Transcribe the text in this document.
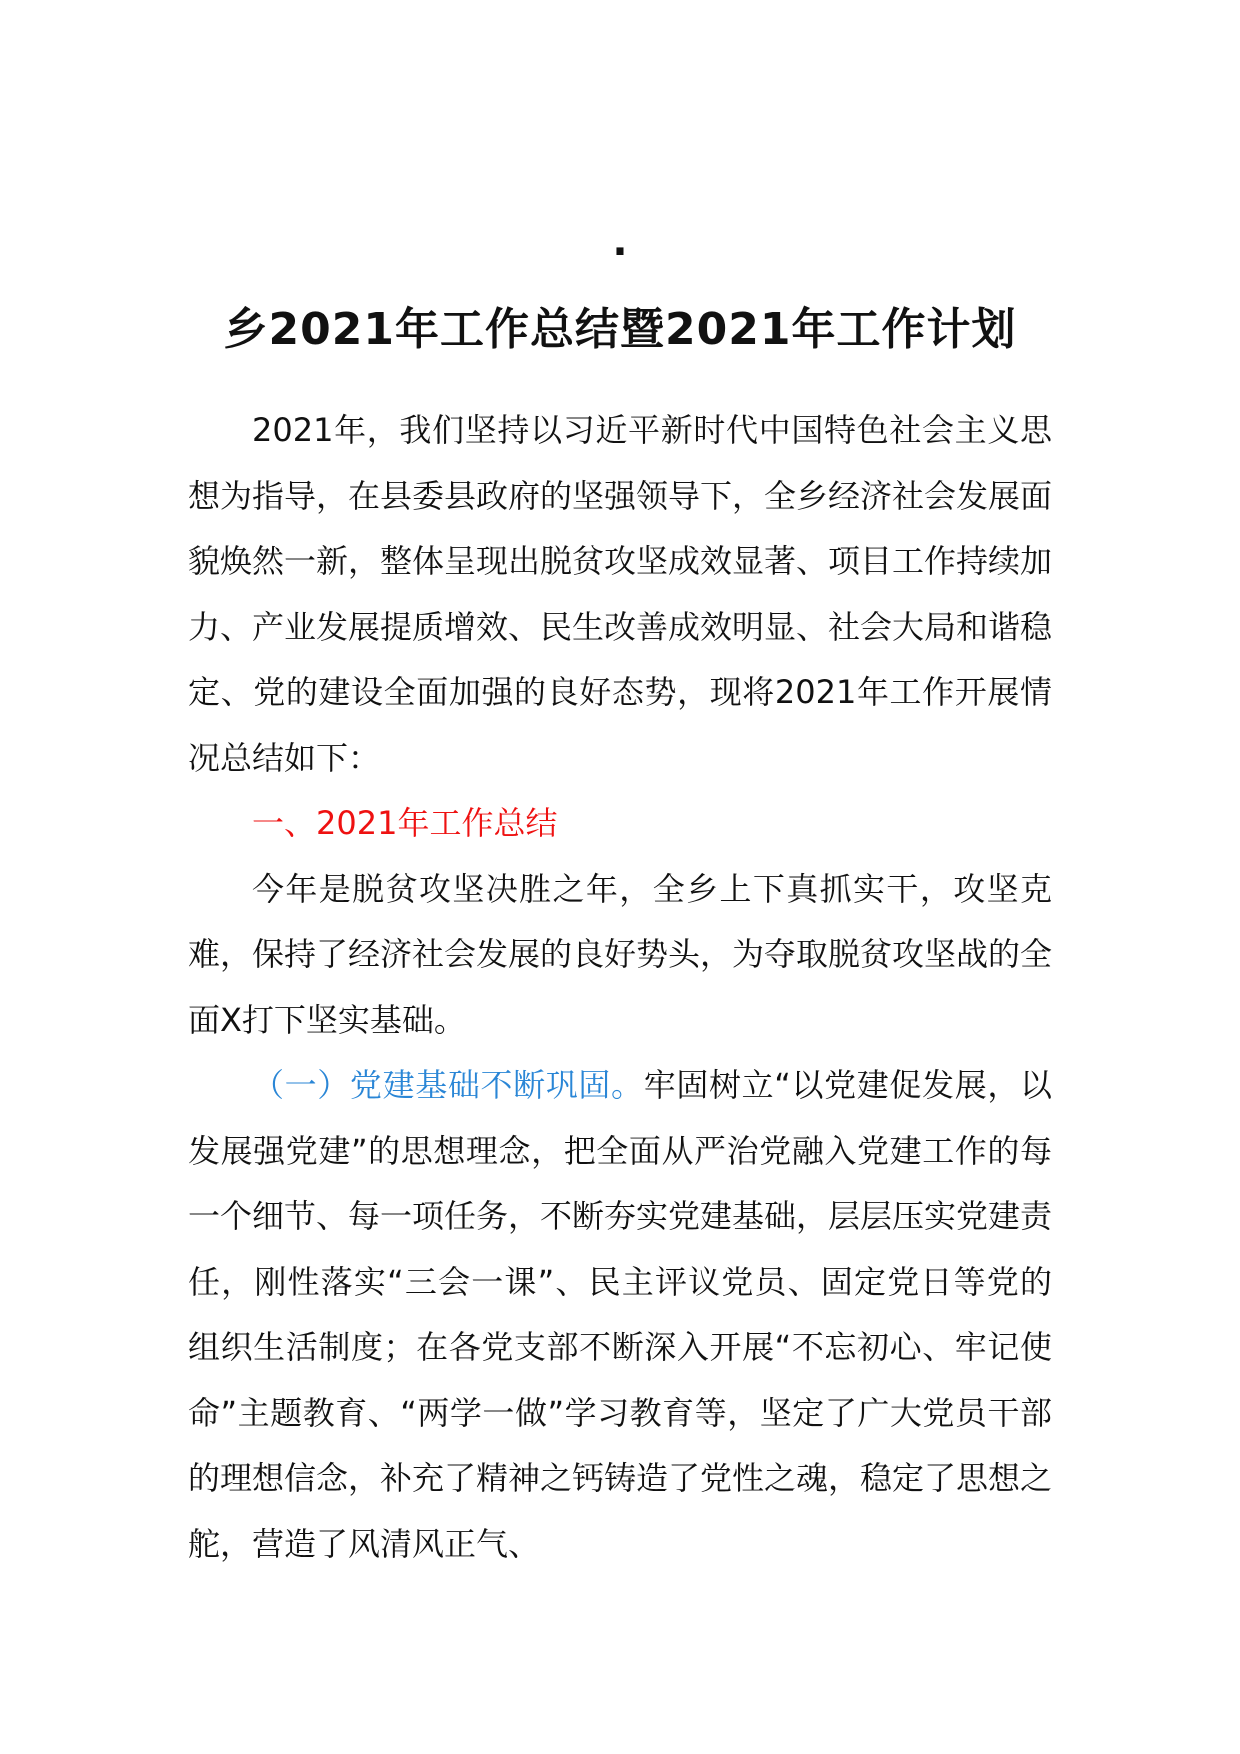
.
乡2021年工作总结暨2021年工作计划

2021年，我们坚持以习近平新时代中国特色社会主义思想为指导，在县委县政府的坚强领导下，全乡经济社会发展面貌焕然一新，整体呈现出脱贫攻坚成效显著、项目工作持续加力、产业发展提质增效、民生改善成效明显、社会大局和谐稳定、党的建设全面加强的良好态势，现将2021年工作开展情况总结如下：

一、2021年工作总结

今年是脱贫攻坚决胜之年，全乡上下真抓实干，攻坚克难，保持了经济社会发展的良好势头，为夺取脱贫攻坚战的全面X打下坚实基础。

（一）党建基础不断巩固。牢固树立“以党建促发展，以发展强党建”的思想理念，把全面从严治党融入党建工作的每一个细节、每一项任务，不断夯实党建基础，层层压实党建责任，刚性落实“三会一课”、民主评议党员、固定党日等党的组织生活制度；在各党支部不断深入开展“不忘初心、牢记使命”主题教育、“两学一做”学习教育等，坚定了广大党员干部的理想信念，补充了精神之钙铸造了党性之魂，稳定了思想之舵，营造了风清风正气、
